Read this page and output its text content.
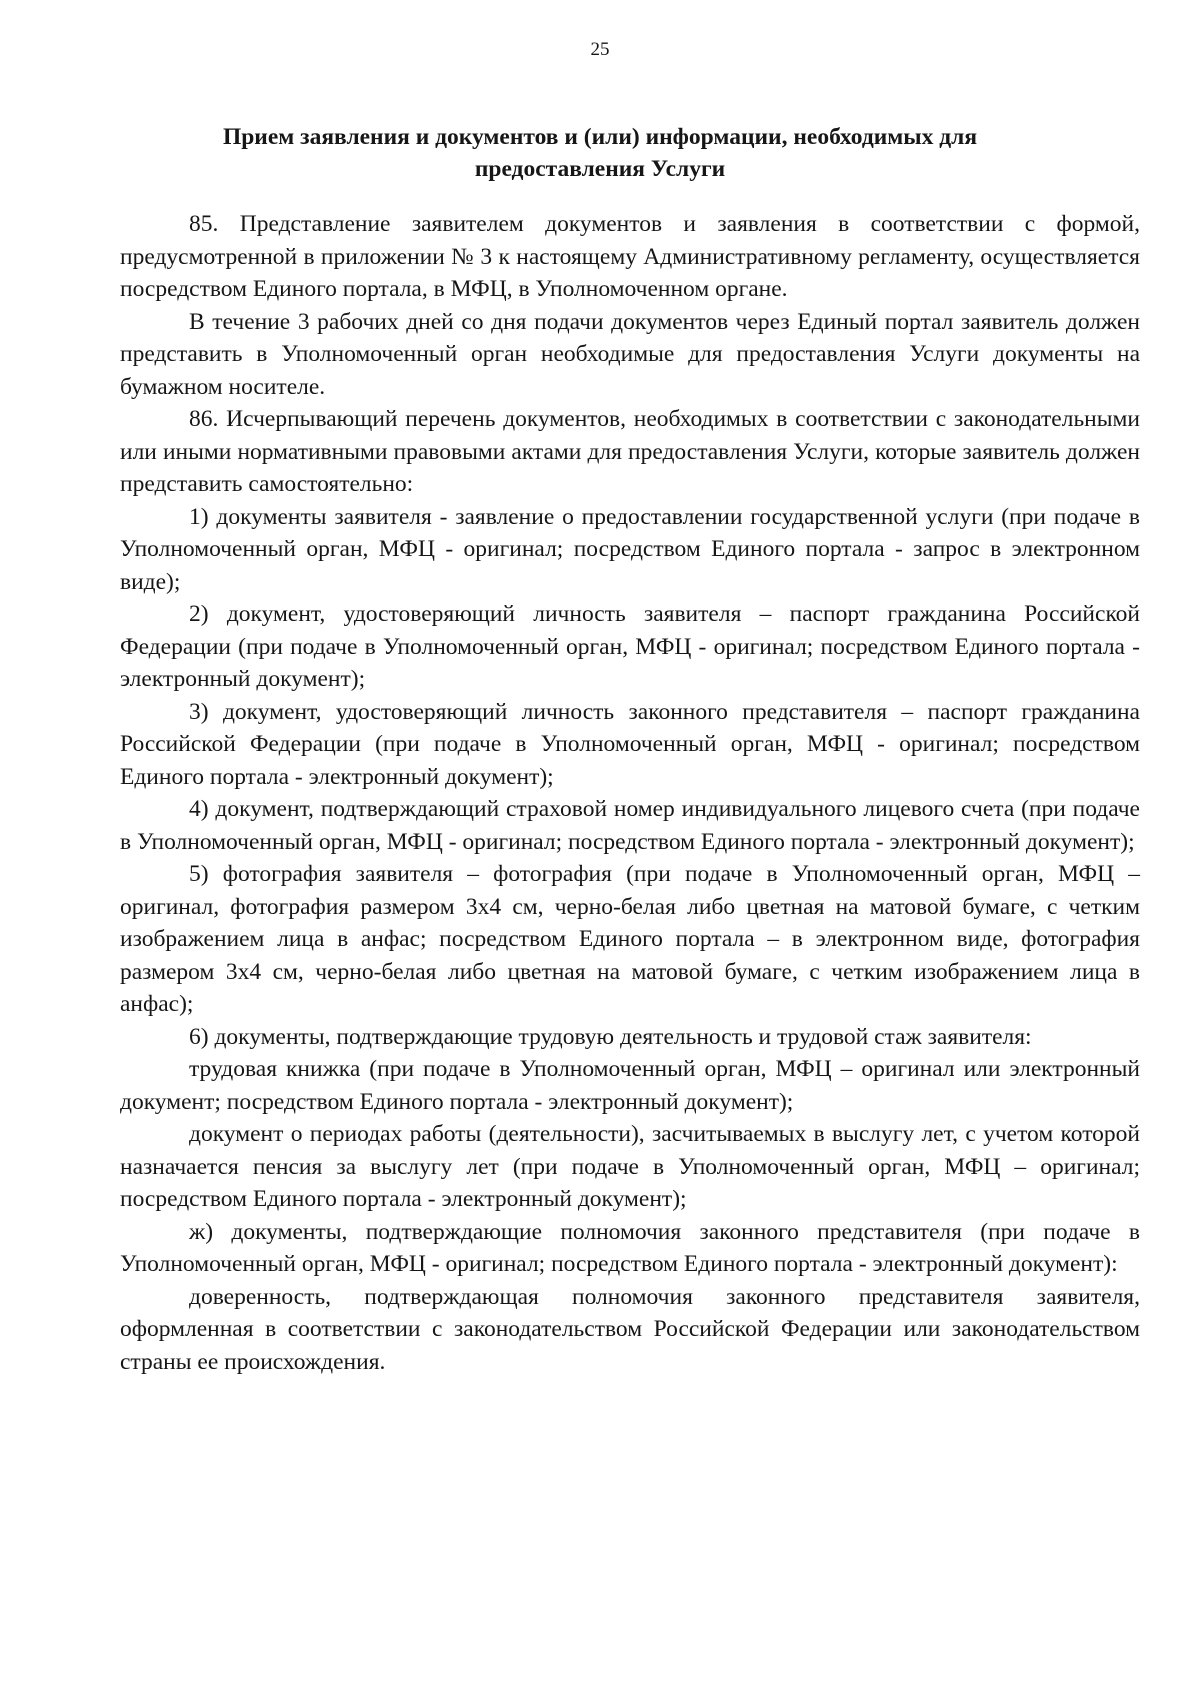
25
Прием заявления и документов и (или) информации, необходимых для предоставления Услуги

85. Представление заявителем документов и заявления в соответствии с формой, предусмотренной в приложении № 3 к настоящему Административному регламенту, осуществляется посредством Единого портала, в МФЦ, в Уполномоченном органе.

В течение 3 рабочих дней со дня подачи документов через Единый портал заявитель должен представить в Уполномоченный орган необходимые для предоставления Услуги документы на бумажном носителе.

86. Исчерпывающий перечень документов, необходимых в соответствии с законодательными или иными нормативными правовыми актами для предоставления Услуги, которые заявитель должен представить самостоятельно:

1) документы заявителя - заявление о предоставлении государственной услуги (при подаче в Уполномоченный орган, МФЦ - оригинал; посредством Единого портала - запрос в электронном виде);

2) документ, удостоверяющий личность заявителя – паспорт гражданина Российской Федерации (при подаче в Уполномоченный орган, МФЦ - оригинал; посредством Единого портала - электронный документ);

3) документ, удостоверяющий личность законного представителя – паспорт гражданина Российской Федерации (при подаче в Уполномоченный орган, МФЦ - оригинал; посредством Единого портала - электронный документ);

4) документ, подтверждающий страховой номер индивидуального лицевого счета (при подаче в Уполномоченный орган, МФЦ - оригинал; посредством Единого портала - электронный документ);

5) фотография заявителя – фотография (при подаче в Уполномоченный орган, МФЦ – оригинал, фотография размером 3х4 см, черно-белая либо цветная на матовой бумаге, с четким изображением лица в анфас; посредством Единого портала – в электронном виде, фотография размером 3х4 см, черно-белая либо цветная на матовой бумаге, с четким изображением лица в анфас);

6) документы, подтверждающие трудовую деятельность и трудовой стаж заявителя:

трудовая книжка (при подаче в Уполномоченный орган, МФЦ – оригинал или электронный документ; посредством Единого портала - электронный документ);

документ о периодах работы (деятельности), засчитываемых в выслугу лет, с учетом которой назначается пенсия за выслугу лет (при подаче в Уполномоченный орган, МФЦ – оригинал; посредством Единого портала - электронный документ);

ж) документы, подтверждающие полномочия законного представителя (при подаче в Уполномоченный орган, МФЦ - оригинал; посредством Единого портала - электронный документ):

доверенность, подтверждающая полномочия законного представителя заявителя, оформленная в соответствии с законодательством Российской Федерации или законодательством страны ее происхождения.
